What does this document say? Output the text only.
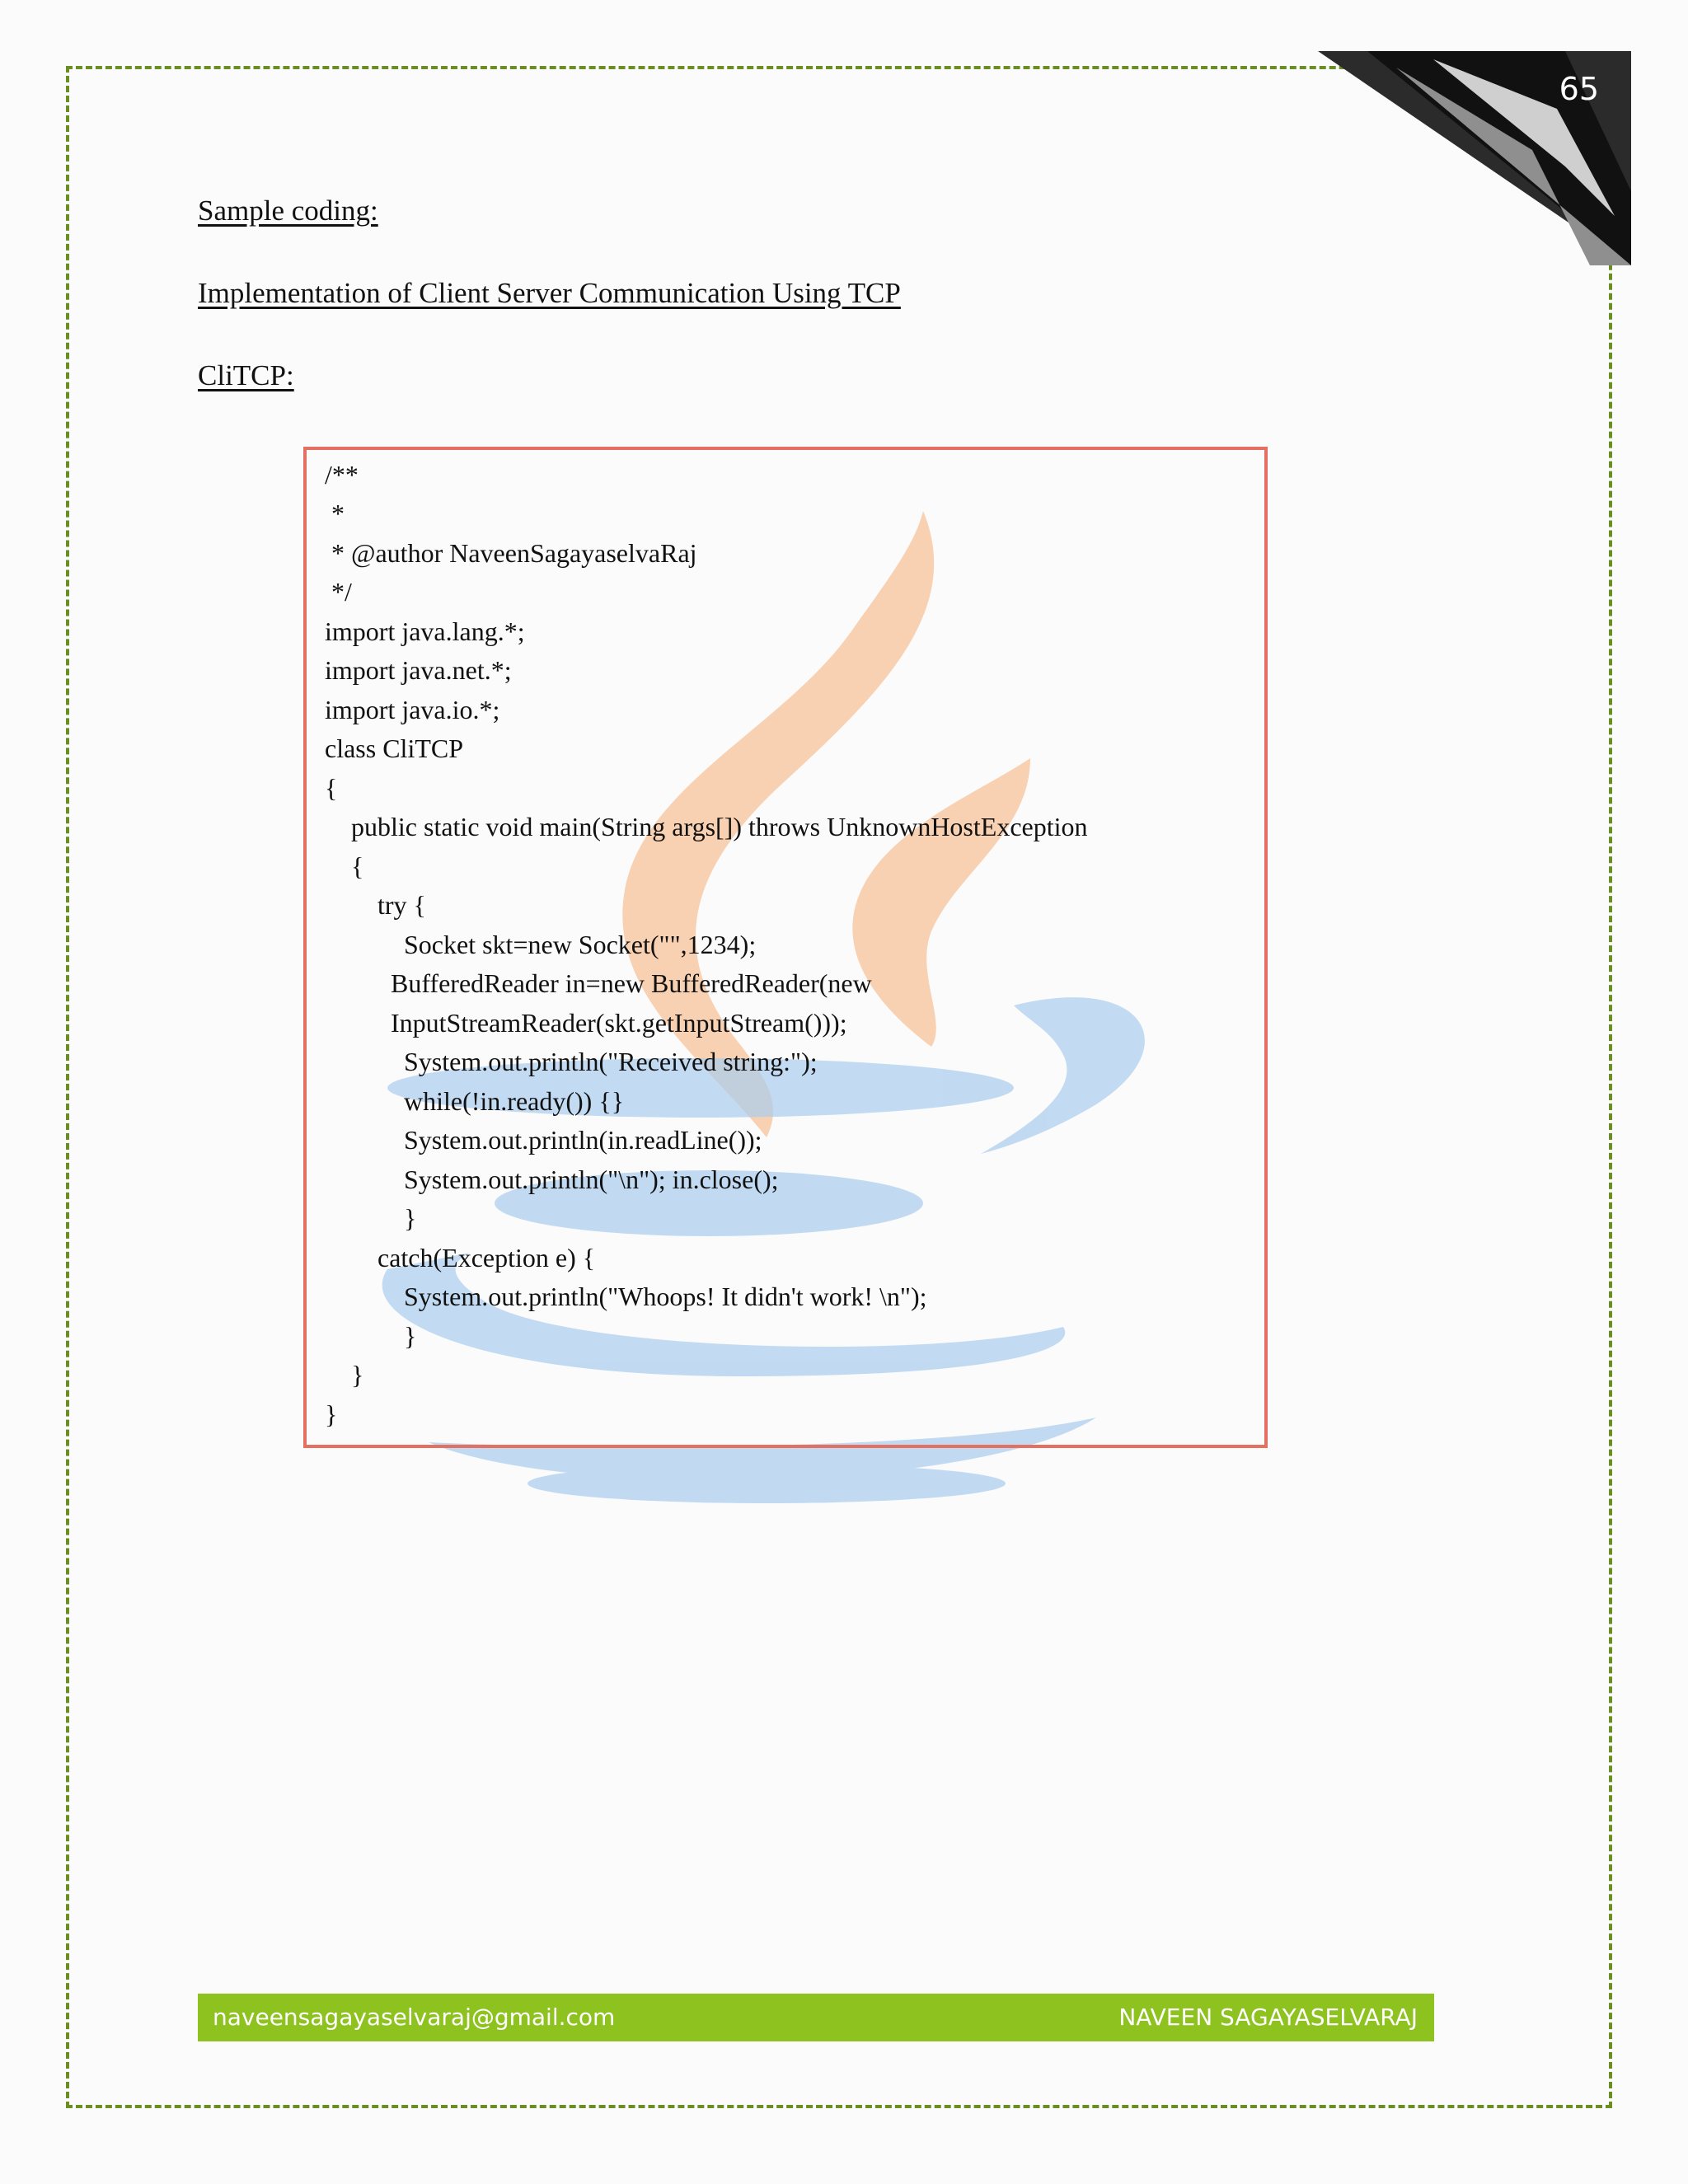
65
Sample coding:
Implementation of Client Server Communication Using TCP
CliTCP:
/**
*
* @author NaveenSagayaselvaRaj
*/
import java.lang.*;
import java.net.*;
import java.io.*;
class CliTCP
{
public static void main(String args[]) throws UnknownHostException
{
try {
Socket skt=new Socket("",1234);
BufferedReader in=new BufferedReader(new
InputStreamReader(skt.getInputStream()));
System.out.println("Received string:");
while(!in.ready()) {}
System.out.println(in.readLine());
System.out.println("\n"); in.close();
}
catch(Exception e) {
System.out.println("Whoops! It didn't work! \n");
}
}
}
naveensagayaselvaraj@gmail.com	NAVEEN SAGAYASELVARAJ
